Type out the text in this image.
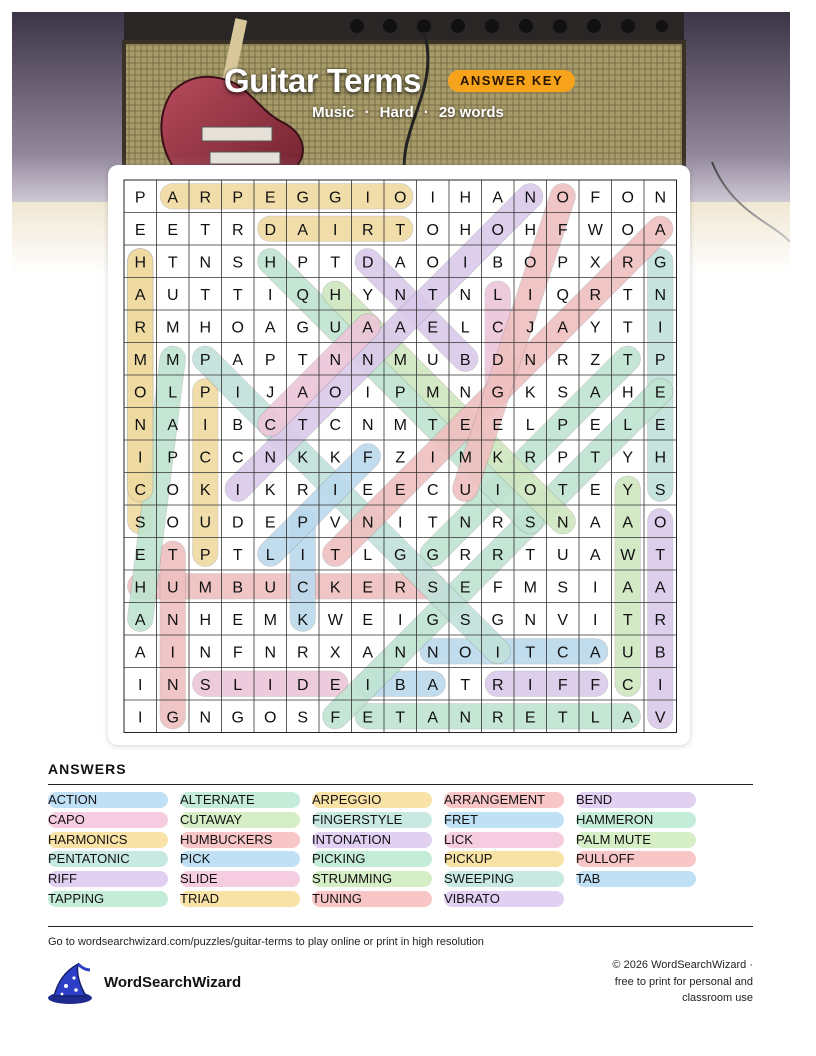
Guitar Terms	ANSWER KEY
Music · Hard · 29 words
P A R P E G G I O I H A N O F O N
E E T R D A I R T O H O H F W O A
H T N S H P T D A O I B O P X R G
A U T T I Q H Y N T N L I Q R T N
R M H O A G U A A E L C J A Y T I
M M P A P T N N M U B D N R Z T P
O L P I J A O I P M N G K S A H E
N A I B C T C N M T E E L P E L E
I P C C N K K F Z I M K R P T Y H
C O K I K R I E E C U I O T E Y S
S O U D E P V N I T N R S N A A O
E T P T L I T L G G R R T U A W T
H U M B U C K E R S E F M S I A A
A N H E M K W E I G S G N V I T R
A I N F N R X A N N O I T C A U B
I N S L I D E I B A T R I F F C I
I G N G O S F E T A N R E T L A V
ANSWERS
ACTION
CAPO
HARMONICS
PENTATONIC
RIFF
TAPPING
ALTERNATE
CUTAWAY
HUMBUCKERS
PICK
SLIDE
TRIAD
ARPEGGIO
FINGERSTYLE
INTONATION
PICKING
STRUMMING
TUNING
ARRANGEMENT
FRET
LICK
PICKUP
SWEEPING
VIBRATO
BEND
HAMMERON
PALM MUTE
PULLOFF
TAB
Go to wordsearchwizard.com/puzzles/guitar-terms to play online or print in high resolution
WordSearchWizard
© 2026 WordSearchWizard ·
free to print for personal and
classroom use
